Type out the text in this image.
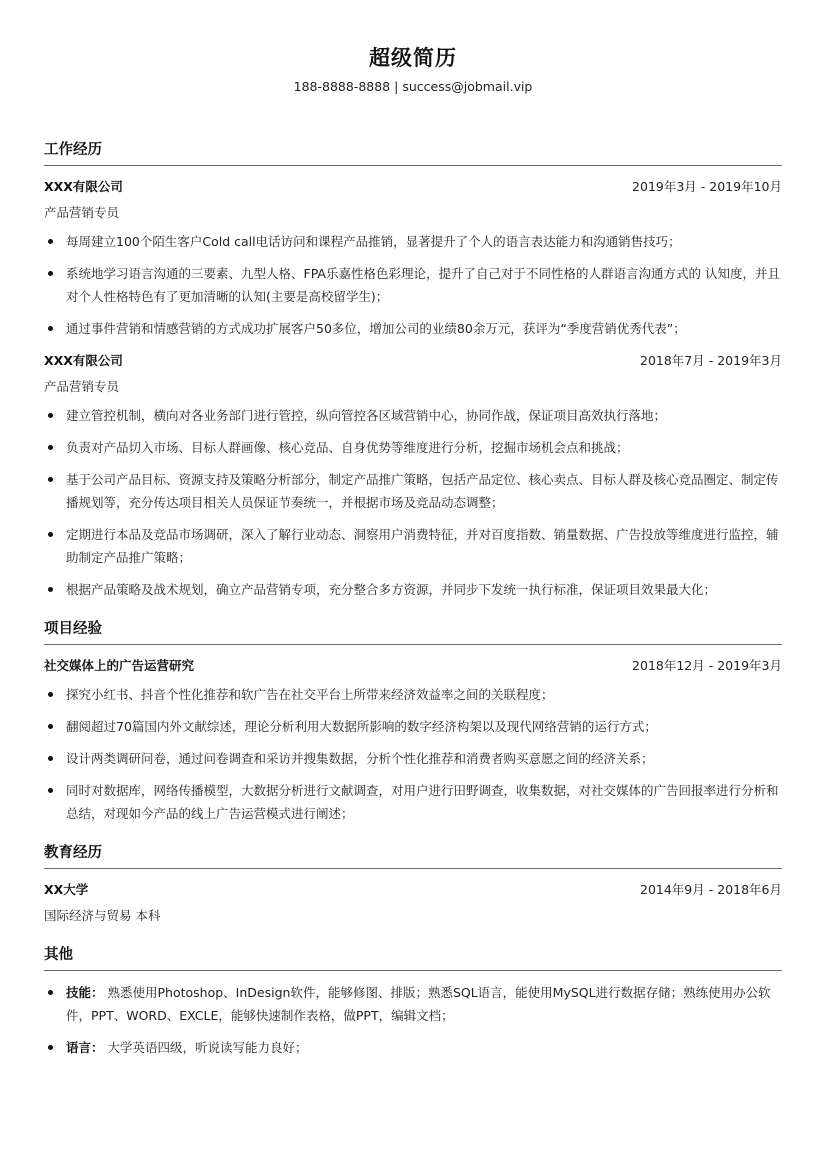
超级简历
188-8888-8888 | success@jobmail.vip
工作经历
XXX有限公司	2019年3月 - 2019年10月
产品营销专员
每周建立100个陌生客户Cold call电话访问和课程产品推销，显著提升了个人的语言表达能力和沟通销售技巧；
系统地学习语言沟通的三要素、九型人格、FPA乐嘉性格色彩理论，提升了自己对于不同性格的人群语言沟通方式的 认知度，并且对个人性格特色有了更加清晰的认知(主要是高校留学生)；
通过事件营销和情感营销的方式成功扩展客户50多位，增加公司的业绩80余万元，获评为“季度营销优秀代表”；
XXX有限公司	2018年7月 - 2019年3月
产品营销专员
建立管控机制，横向对各业务部门进行管控，纵向管控各区域营销中心，协同作战，保证项目高效执行落地；
负责对产品切入市场、目标人群画像、核心竞品、自身优势等维度进行分析，挖掘市场机会点和挑战；
基于公司产品目标、资源支持及策略分析部分，制定产品推广策略，包括产品定位、核心卖点、目标人群及核心竞品圈定、制定传播规划等，充分传达项目相关人员保证节奏统一，并根据市场及竞品动态调整；
定期进行本品及竞品市场调研，深入了解行业动态、洞察用户消费特征，并对百度指数、销量数据、广告投放等维度进行监控，辅助制定产品推广策略；
根据产品策略及战术规划，确立产品营销专项，充分整合多方资源，并同步下发统一执行标准，保证项目效果最大化；
项目经验
社交媒体上的广告运营研究	2018年12月 - 2019年3月
探究小红书、抖音个性化推荐和软广告在社交平台上所带来经济效益率之间的关联程度；
翻阅超过70篇国内外文献综述，理论分析利用大数据所影响的数字经济构架以及现代网络营销的运行方式；
设计两类调研问卷，通过问卷调查和采访并搜集数据，分析个性化推荐和消费者购买意愿之间的经济关系；
同时对数据库，网络传播模型，大数据分析进行文献调查，对用户进行田野调查，收集数据，对社交媒体的广告回报率进行分析和总结，对现如今产品的线上广告运营模式进行阐述；
教育经历
XX大学	2014年9月 - 2018年6月
国际经济与贸易 本科
其他
技能： 熟悉使用Photoshop、InDesign软件，能够修图、排版；熟悉SQL语言，能使用MySQL进行数据存储；熟练使用办公软件，PPT、WORD、EXCLE，能够快速制作表格，做PPT，编辑文档；
语言： 大学英语四级，听说读写能力良好；
